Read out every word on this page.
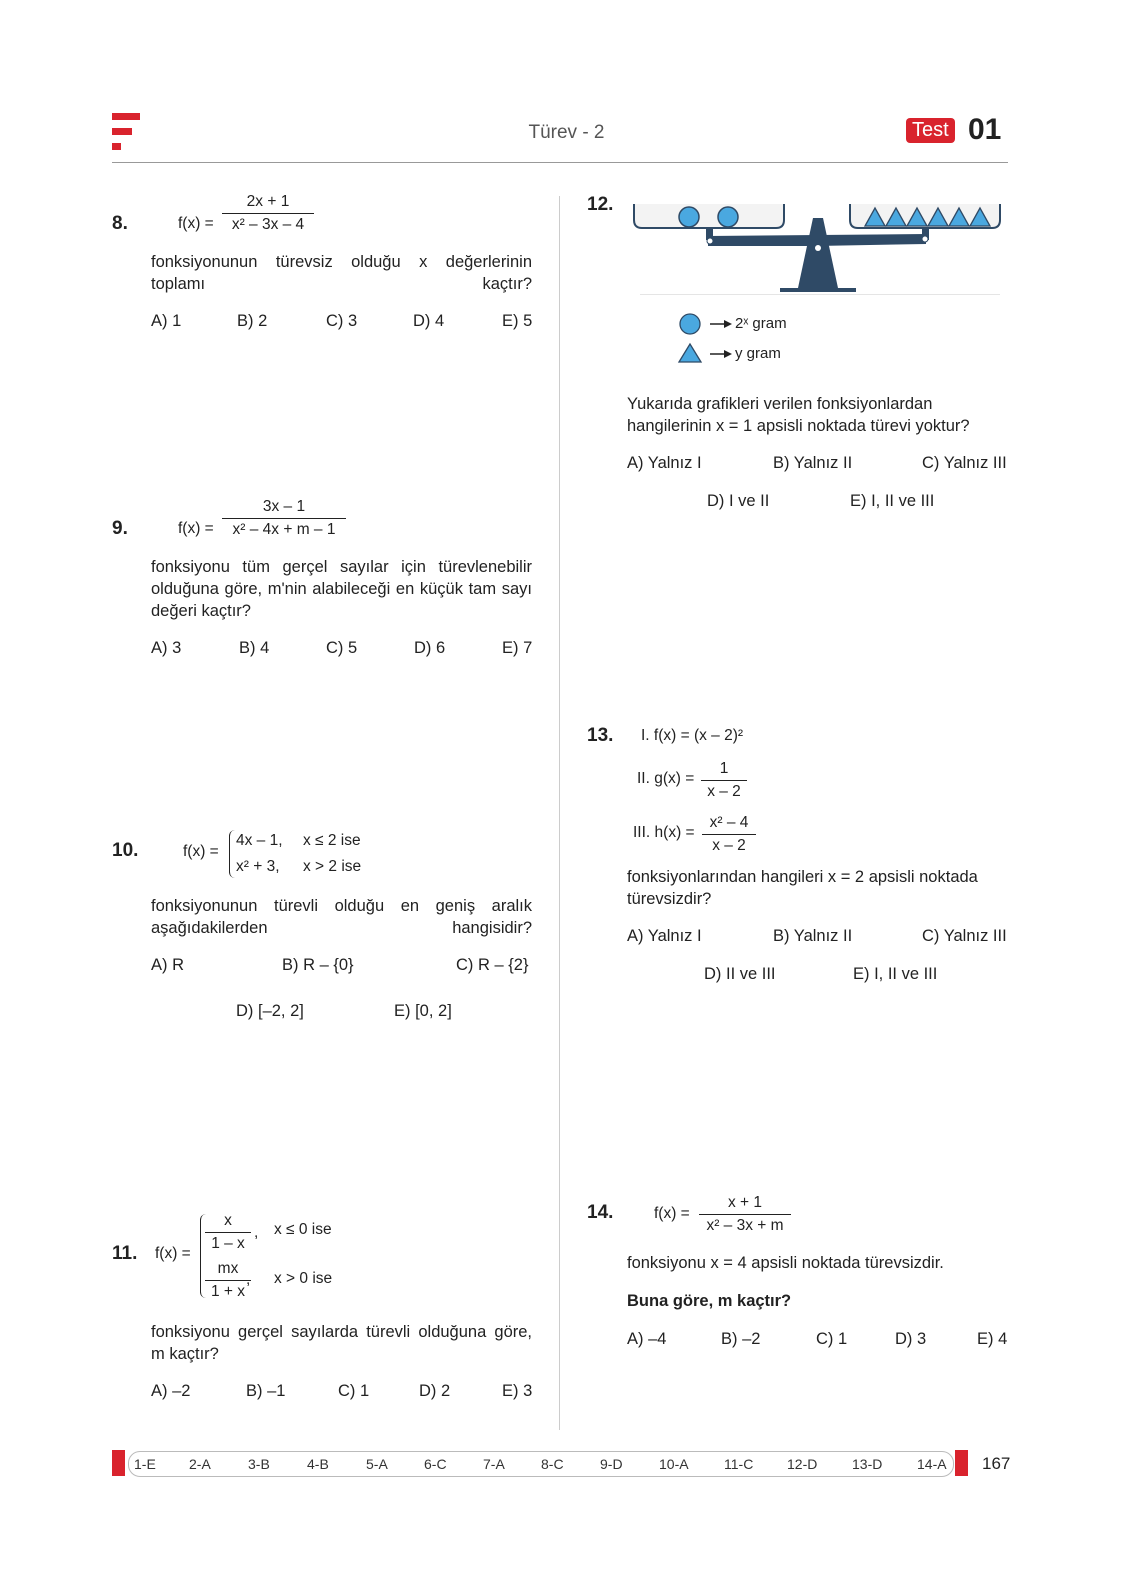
Türev - 2	Test 01
8.	$f(x) = \frac{2x + 1}{\text{x² – 3x – 4}}$
fonksiyonunun türevsiz olduğu x değerlerinin toplamı kaçtır?
A) 1	B) 2	C) 3	D) 4	E) 5
9.	$f(x) = \frac{3x - 1}{\text{x² – 4x + m – 1}}$
fonksiyonu tüm gerçel sayılar için türevlenebilir olduğuna göre, m'nin alabileceği en küçük tam sayı değeri kaçtır?
A) 3	B) 4	C) 5	D) 6	E) 7
10.	f(x) =
4x – 1, x ≤ 2 ise
x² + 3, x > 2 ise
fonksiyonunun türevli olduğu en geniş aralık aşağıdakilerden hangisidir?
A) R	B) R – {0}	C) R – {2}
D) [–2, 2]	E) [0, 2]
11. f(x) =
$\frac{x}{1 - x}$ , x ≤ 0 ise
$\frac{mx}{1 + x}$
, x > 0 ise
fonksiyonu gerçel sayılarda türevli olduğuna göre, m kaçtır?
A) –2	B) –1	C) 1	D) 2	E) 3
12.
2ˣ gram
y gram
Yukarıda grafikleri verilen fonksiyonlardan hangilerinin x = 1 apsisli noktada türevi yoktur?
A) Yalnız I	B) Yalnız II	C) Yalnız III
D) I ve II	E) I, II ve III
13. I. f(x) = (x – 2)²
II. $g(x) = \frac{1}{x - 2}$
III. $h(x) = \frac{\text{x² – 4}}{x - 2}$
fonksiyonlarından hangileri x = 2 apsisli noktada türevsizdir?
A) Yalnız I	B) Yalnız II	C) Yalnız III
D) II ve III	E) I, II ve III
14.	$f(x) = \frac{x + 1}{\text{x² – 3x + m}}$
fonksiyonu x = 4 apsisli noktada türevsizdir.
Buna göre, m kaçtır?
A) –4	B) –2	C) 1	D) 3	E) 4
1-E 2-A	3-B	4-B	5-A	6-C	7-A	8-C	9-D	10-A	11-C 12-D 13-D 14-A 167
